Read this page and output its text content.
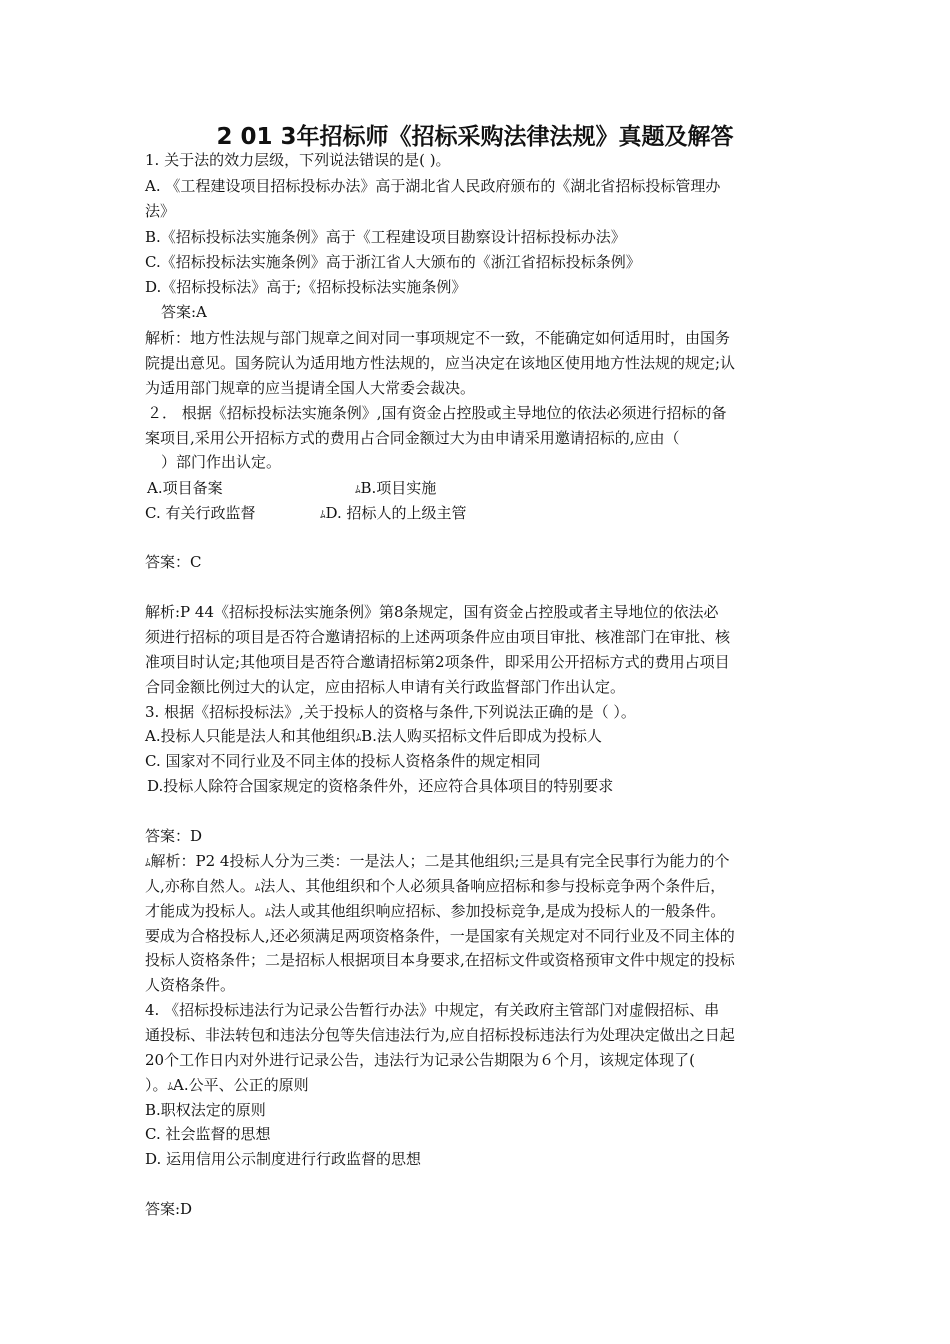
2 01 3年招标师《招标采购法律法规》真题及解答
1. 关于法的效力层级，下列说法错误的是( )。
A. 《工程建设项目招标投标办法》高于湖北省人民政府颁布的《湖北省招标投标管理办
法》
B.《招标投标法实施条例》高于《工程建设项目勘察设计招标投标办法》
C.《招标投标法实施条例》高于浙江省人大颁布的《浙江省招标投标条例》
D.《招标投标法》高于;《招标投标法实施条例》
答案:A
解析：地方性法规与部门规章之间对同一事项规定不一致，不能确定如何适用时，由国务
院提出意见。国务院认为适用地方性法规的，应当决定在该地区使用地方性法规的规定;认
为适用部门规章的应当提请全国人大常委会裁决。
２． 根据《招标投标法实施条例》,国有资金占控股或主导地位的依法必须进行招标的备
案项目,采用公开招标方式的费用占合同金额过大为由申请采用邀请招标的,应由（
）部门作出认定。
A.项目备案	ﾑB.项目实施
C. 有关行政监督	ﾑD. 招标人的上级主管
答案：C
解析:P 44《招标投标法实施条例》第8条规定，国有资金占控股或者主导地位的依法必
须进行招标的项目是否符合邀请招标的上述两项条件应由项目审批、核准部门在审批、核
准项目时认定;其他项目是否符合邀请招标第2项条件，即采用公开招标方式的费用占项目
合同金额比例过大的认定，应由招标人申请有关行政监督部门作出认定。
3. 根据《招标投标法》,关于投标人的资格与条件,下列说法正确的是（ ）。
A.投标人只能是法人和其他组织ﾑB.法人购买招标文件后即成为投标人
C. 国家对不同行业及不同主体的投标人资格条件的规定相同
D.投标人除符合国家规定的资格条件外，还应符合具体项目的特别要求
答案：D
ﾑ解析：P2 4投标人分为三类：一是法人；二是其他组织;三是具有完全民事行为能力的个
人,亦称自然人。ﾑ法人、其他组织和个人必须具备响应招标和参与投标竞争两个条件后，
才能成为投标人。ﾑ法人或其他组织响应招标、参加投标竞争,是成为投标人的一般条件。
要成为合格投标人,还必须满足两项资格条件，一是国家有关规定对不同行业及不同主体的
投标人资格条件；二是招标人根据项目本身要求,在招标文件或资格预审文件中规定的投标
人资格条件。
4. 《招标投标违法行为记录公告暂行办法》中规定，有关政府主管部门对虚假招标、串
通投标、非法转包和违法分包等失信违法行为,应自招标投标违法行为处理决定做出之日起
20个工作日内对外进行记录公告，违法行为记录公告期限为６个月，该规定体现了(
）。ﾑA.公平、公正的原则
B.职权法定的原则
C. 社会监督的思想
D. 运用信用公示制度进行行政监督的思想
答案:D
